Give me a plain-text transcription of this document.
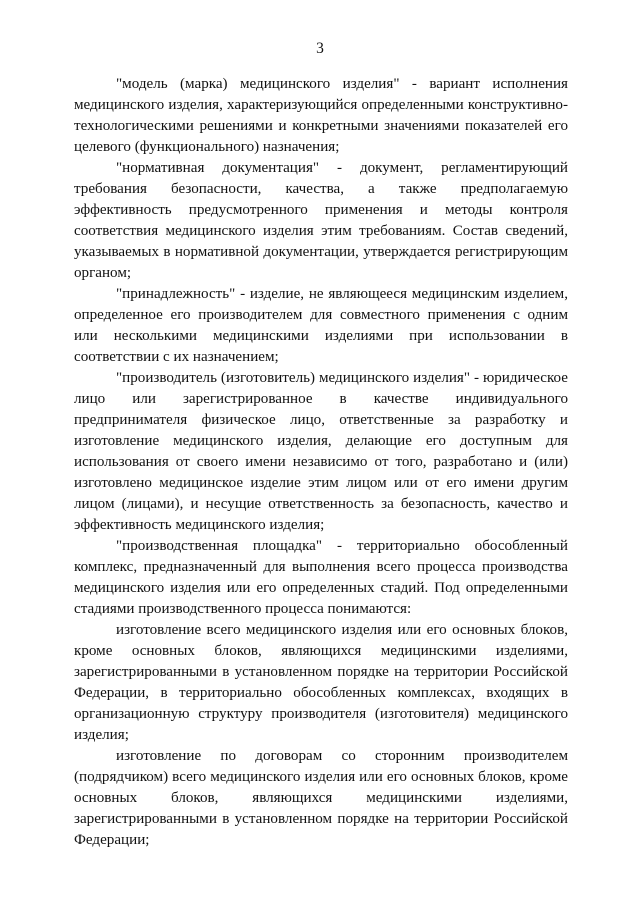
3

"модель (марка) медицинского изделия" - вариант исполнения медицинского изделия, характеризующийся определенными конструктивно-технологическими решениями и конкретными значениями показателей его целевого (функционального) назначения;

"нормативная документация" - документ, регламентирующий требования безопасности, качества, а также предполагаемую эффективность предусмотренного применения и методы контроля соответствия медицинского изделия этим требованиям. Состав сведений, указываемых в нормативной документации, утверждается регистрирующим органом;

"принадлежность" - изделие, не являющееся медицинским изделием, определенное его производителем для совместного применения с одним или несколькими медицинскими изделиями при использовании в соответствии с их назначением;

"производитель (изготовитель) медицинского изделия" - юридическое лицо или зарегистрированное в качестве индивидуального предпринимателя физическое лицо, ответственные за разработку и изготовление медицинского изделия, делающие его доступным для использования от своего имени независимо от того, разработано и (или) изготовлено медицинское изделие этим лицом или от его имени другим лицом (лицами), и несущие ответственность за безопасность, качество и эффективность медицинского изделия;

"производственная площадка" - территориально обособленный комплекс, предназначенный для выполнения всего процесса производства медицинского изделия или его определенных стадий. Под определенными стадиями производственного процесса понимаются:

изготовление всего медицинского изделия или его основных блоков, кроме основных блоков, являющихся медицинскими изделиями, зарегистрированными в установленном порядке на территории Российской Федерации, в территориально обособленных комплексах, входящих в организационную структуру производителя (изготовителя) медицинского изделия;

изготовление по договорам со сторонним производителем (подрядчиком) всего медицинского изделия или его основных блоков, кроме основных блоков, являющихся медицинскими изделиями, зарегистрированными в установленном порядке на территории Российской Федерации;
